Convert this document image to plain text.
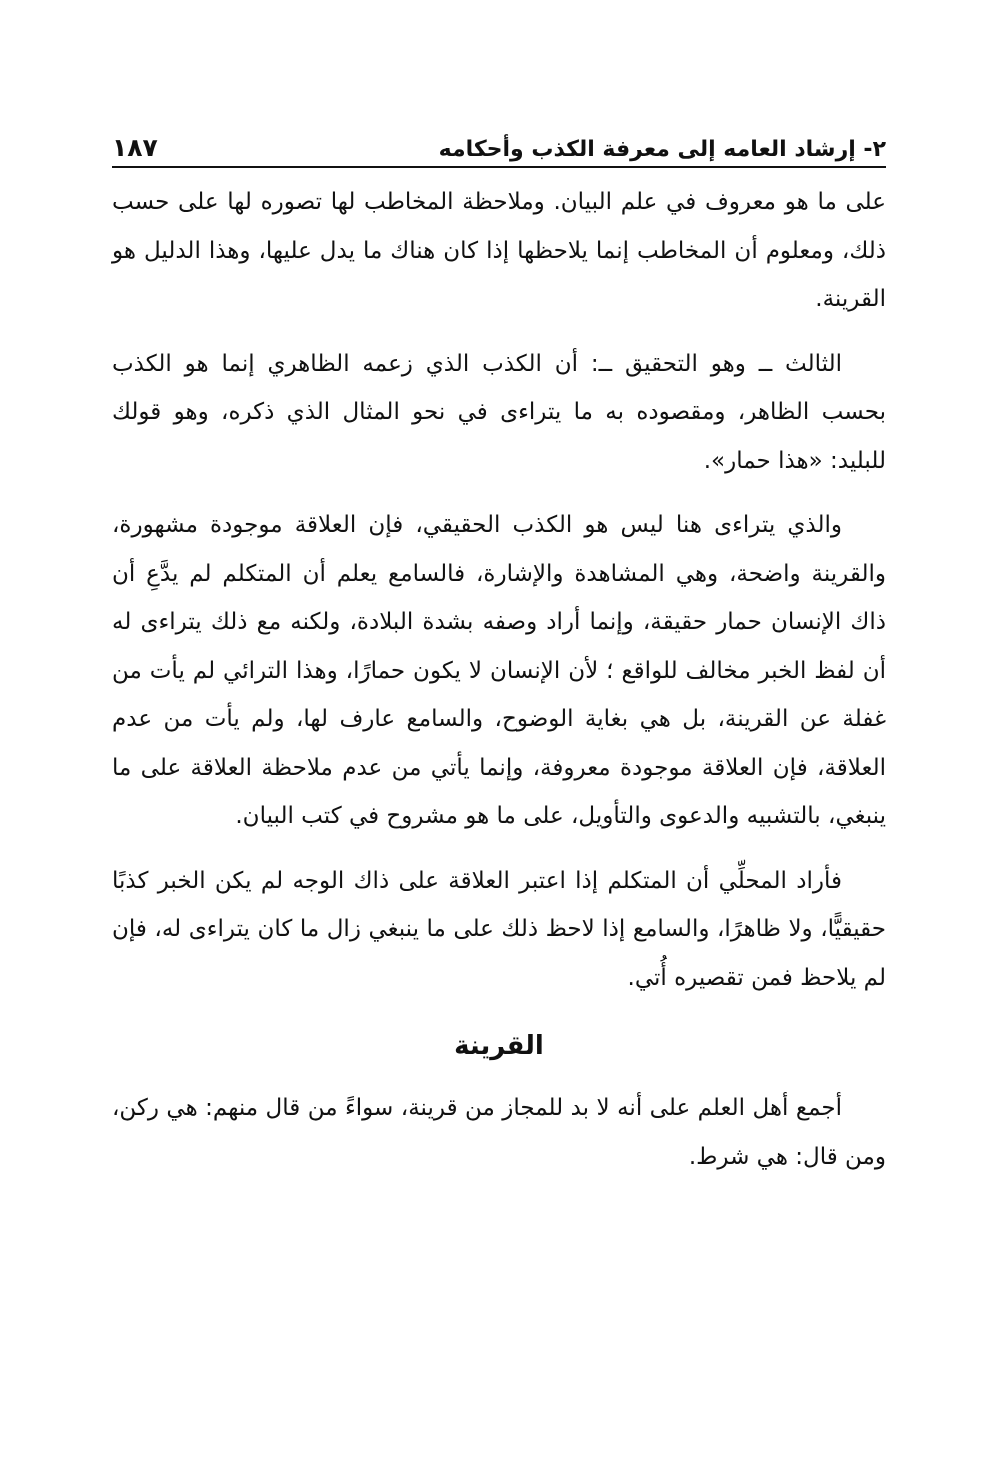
٢- إرشاد العامه إلى معرفة الكذب وأحكامه
١٨٧

على ما هو معروف في علم البيان. وملاحظة المخاطب لها تصوره لها على حسب ذلك، ومعلوم أن المخاطب إنما يلاحظها إذا كان هناك ما يدل عليها، وهذا الدليل هو القرينة.

الثالث ــ وهو التحقيق ــ: أن الكذب الذي زعمه الظاهري إنما هو الكذب بحسب الظاهر، ومقصوده به ما يتراءى في نحو المثال الذي ذكره، وهو قولك للبليد: «هذا حمار».

والذي يتراءى هنا ليس هو الكذب الحقيقي، فإن العلاقة موجودة مشهورة، والقرينة واضحة، وهي المشاهدة والإشارة، فالسامع يعلم أن المتكلم لم يدَّعِ أن ذاك الإنسان حمار حقيقة، وإنما أراد وصفه بشدة البلادة، ولكنه مع ذلك يتراءى له أن لفظ الخبر مخالف للواقع ؛ لأن الإنسان لا يكون حمارًا، وهذا الترائي لم يأت من غفلة عن القرينة، بل هي بغاية الوضوح، والسامع عارف لها، ولم يأت من عدم العلاقة، فإن العلاقة موجودة معروفة، وإنما يأتي من عدم ملاحظة العلاقة على ما ينبغي، بالتشبيه والدعوى والتأويل، على ما هو مشروح في كتب البيان.

فأراد المحلِّي أن المتكلم إذا اعتبر العلاقة على ذاك الوجه لم يكن الخبر كذبًا حقيقيًّا، ولا ظاهرًا، والسامع إذا لاحظ ذلك على ما ينبغي زال ما كان يتراءى له، فإن لم يلاحظ فمن تقصيره أُتي.

القرينة

أجمع أهل العلم على أنه لا بد للمجاز من قرينة، سواءً من قال منهم: هي ركن، ومن قال: هي شرط.
